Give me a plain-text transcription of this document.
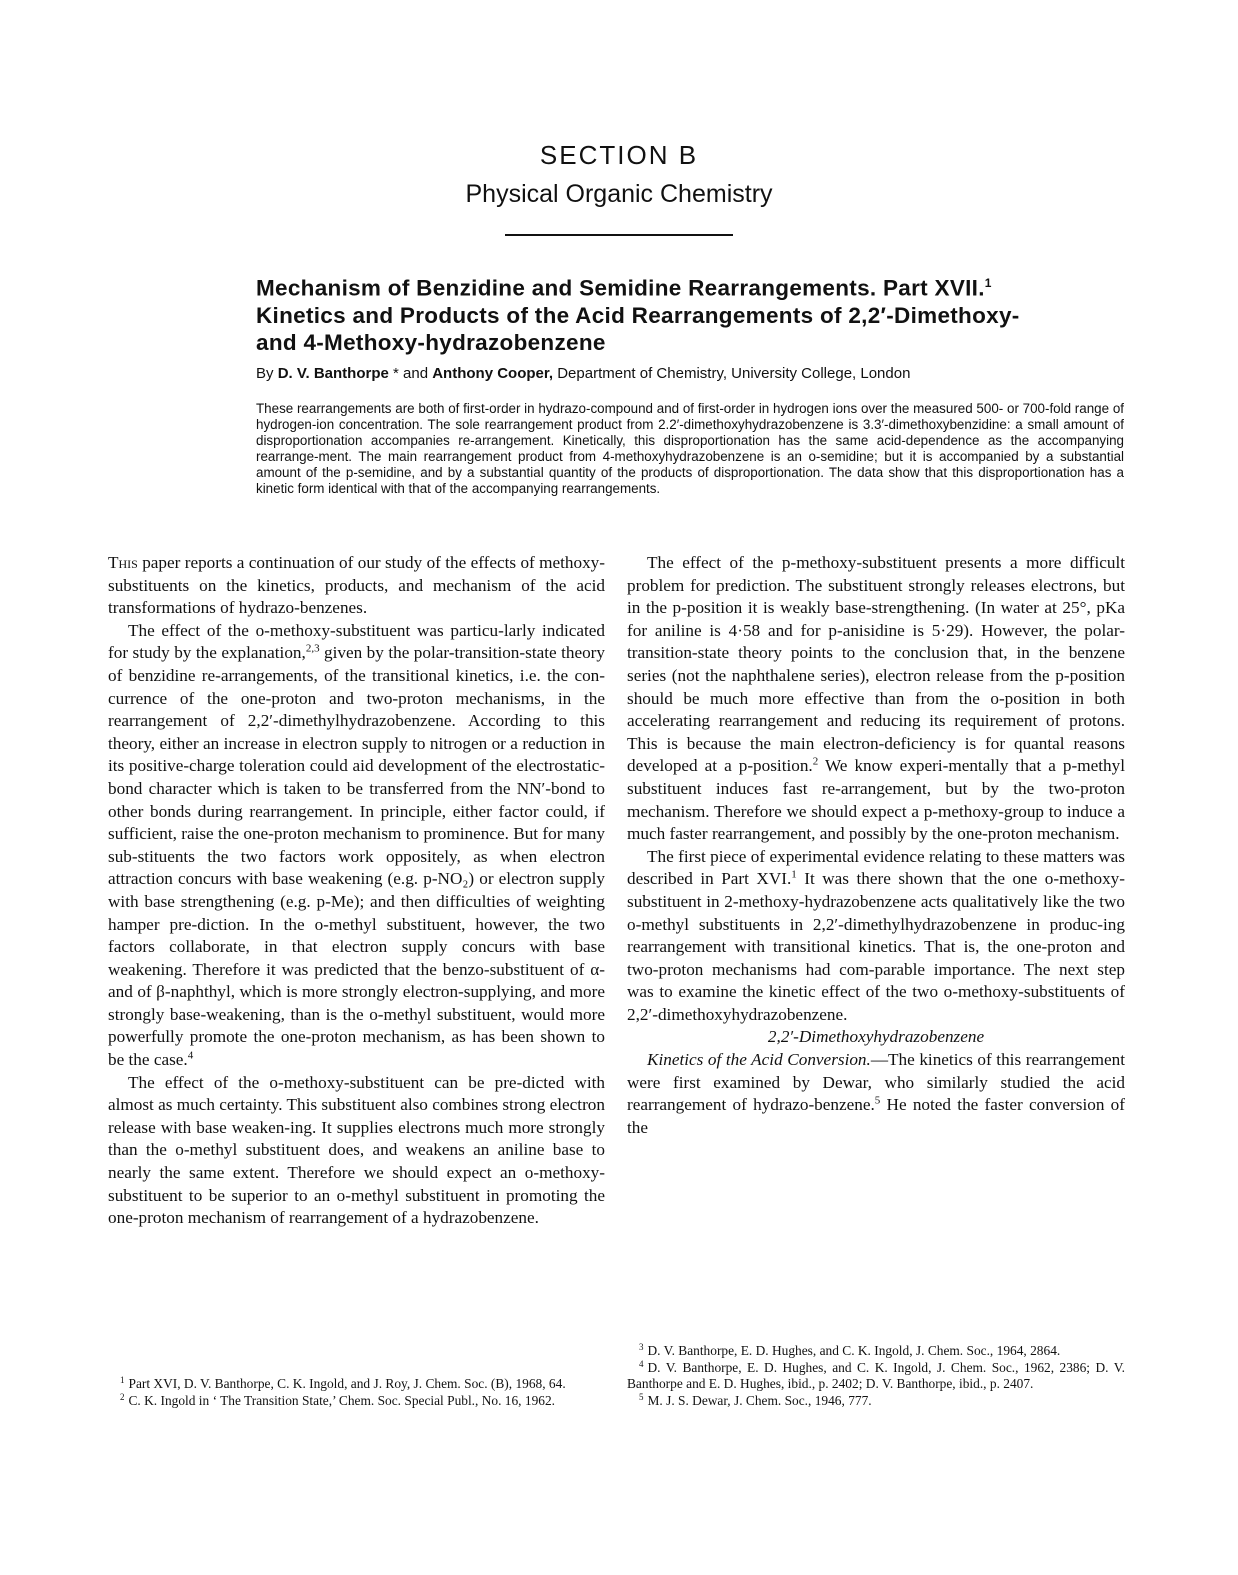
SECTION B
Physical Organic Chemistry
Mechanism of Benzidine and Semidine Rearrangements. Part XVII.$^1$
Kinetics and Products of the Acid Rearrangements of 2,2′-Dimethoxy-
and 4-Methoxy-hydrazobenzene
By D. V. Banthorpe * and Anthony Cooper, Department of Chemistry, University College, London
These rearrangements are both of first-order in hydrazo-compound and of first-order in hydrogen ions over the measured 500- or 700-fold range of hydrogen-ion concentration. The sole rearrangement product from 2.2′-dimethoxyhydrazobenzene is 3.3′-dimethoxybenzidine: a small amount of disproportionation accompanies re-arrangement. Kinetically, this disproportionation has the same acid-dependence as the accompanying rearrange-ment. The main rearrangement product from 4-methoxyhydrazobenzene is an o-semidine; but it is accompanied by a substantial amount of the p-semidine, and by a substantial quantity of the products of disproportionation. The data show that this disproportionation has a kinetic form identical with that of the accompanying rearrangements.

This paper reports a continuation of our study of the effects of methoxy-substituents on the kinetics, products, and mechanism of the acid transformations of hydrazo-benzenes.

The effect of the o-methoxy-substituent was particu-larly indicated for study by the explanation,$^{2,3}$ given by the polar-transition-state theory of benzidine re-arrangements, of the transitional kinetics, i.e. the con-currence of the one-proton and two-proton mechanisms, in the rearrangement of 2,2′-dimethylhydrazobenzene. According to this theory, either an increase in electron supply to nitrogen or a reduction in its positive-charge toleration could aid development of the electrostatic-bond character which is taken to be transferred from the NN′-bond to other bonds during rearrangement. In principle, either factor could, if sufficient, raise the one-proton mechanism to prominence. But for many sub-stituents the two factors work oppositely, as when electron attraction concurs with base weakening (e.g. p-NO₂) or electron supply with base strengthening (e.g. p-Me); and then difficulties of weighting hamper pre-diction. In the o-methyl substituent, however, the two factors collaborate, in that electron supply concurs with base weakening. Therefore it was predicted that the benzo-substituent of α- and of β-naphthyl, which is more strongly electron-supplying, and more strongly base-weakening, than is the o-methyl substituent, would more powerfully promote the one-proton mechanism, as has been shown to be the case.$^4$

The effect of the o-methoxy-substituent can be pre-dicted with almost as much certainty. This substituent also combines strong electron release with base weaken-ing. It supplies electrons much more strongly than the o-methyl substituent does, and weakens an aniline base to nearly the same extent. Therefore we should expect an o-methoxy-substituent to be superior to an o-methyl substituent in promoting the one-proton mechanism of rearrangement of a hydrazobenzene.

The effect of the p-methoxy-substituent presents a more difficult problem for prediction. The substituent strongly releases electrons, but in the p-position it is weakly base-strengthening. (In water at 25°, pKa for aniline is 4·58 and for p-anisidine is 5·29). However, the polar-transition-state theory points to the conclusion that, in the benzene series (not the naphthalene series), electron release from the p-position should be much more effective than from the o-position in both accelerating rearrangement and reducing its requirement of protons. This is because the main electron-deficiency is for quantal reasons developed at a p-position.$^2$ We know experi-mentally that a p-methyl substituent induces fast re-arrangement, but by the two-proton mechanism. Therefore we should expect a p-methoxy-group to induce a much faster rearrangement, and possibly by the one-proton mechanism.

The first piece of experimental evidence relating to these matters was described in Part XVI.$^1$ It was there shown that the one o-methoxy-substituent in 2-methoxy-hydrazobenzene acts qualitatively like the two o-methyl substituents in 2,2′-dimethylhydrazobenzene in produc-ing rearrangement with transitional kinetics. That is, the one-proton and two-proton mechanisms had com-parable importance. The next step was to examine the kinetic effect of the two o-methoxy-substituents of 2,2′-dimethoxyhydrazobenzene.

2,2′-Dimethoxyhydrazobenzene

Kinetics of the Acid Conversion.—The kinetics of this rearrangement were first examined by Dewar, who similarly studied the acid rearrangement of hydrazo-benzene.$^5$ He noted the faster conversion of the

$^1$ Part XVI, D. V. Banthorpe, C. K. Ingold, and J. Roy, J. Chem. Soc. (B), 1968, 64.

$^2$ C. K. Ingold in ‘ The Transition State,’ Chem. Soc. Special Publ., No. 16, 1962.

$^3$ D. V. Banthorpe, E. D. Hughes, and C. K. Ingold, J. Chem. Soc., 1964, 2864.

$^4$ D. V. Banthorpe, E. D. Hughes, and C. K. Ingold, J. Chem. Soc., 1962, 2386; D. V. Banthorpe and E. D. Hughes, ibid., p. 2402; D. V. Banthorpe, ibid., p. 2407.

$^5$ M. J. S. Dewar, J. Chem. Soc., 1946, 777.
